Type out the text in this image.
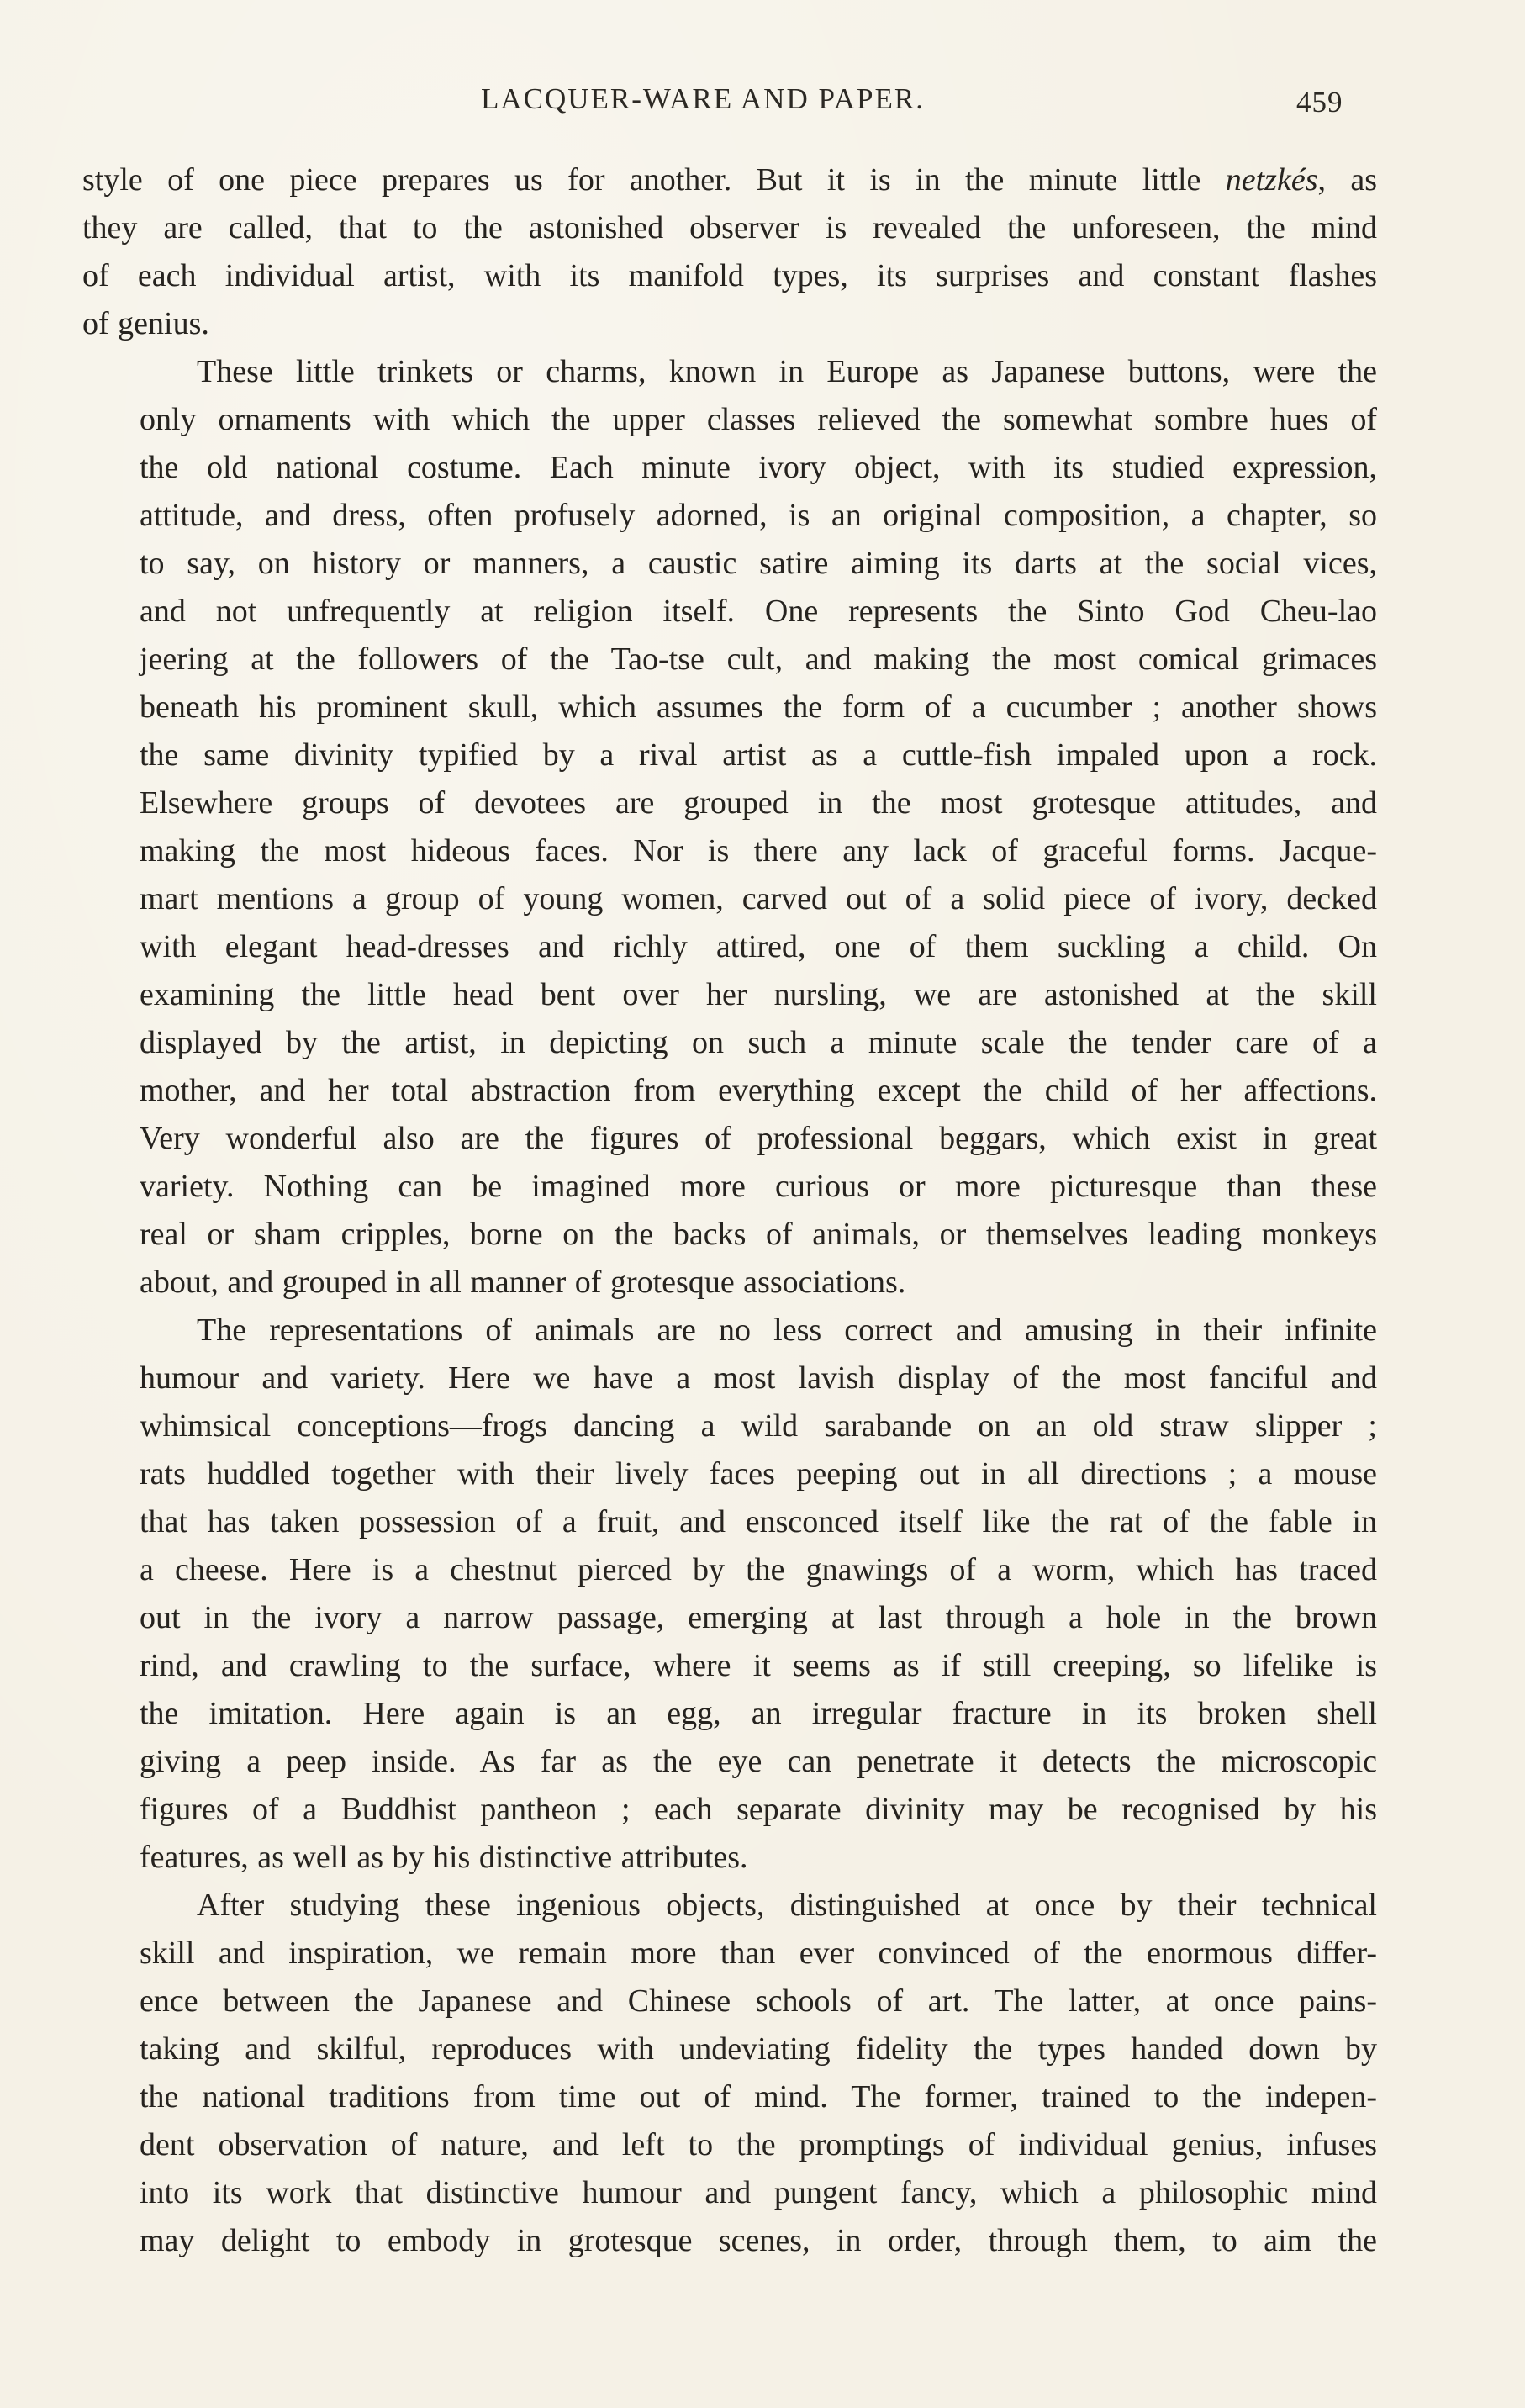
LACQUER-WARE AND PAPER.	459
style of one piece prepares us for another. But it is in the minute little netzkés, as
they are called, that to the astonished observer is revealed the unforeseen, the mind
of each individual artist, with its manifold types, its surprises and constant flashes
of genius.
These little trinkets or charms, known in Europe as Japanese buttons, were the
only ornaments with which the upper classes relieved the somewhat sombre hues of
the old national costume. Each minute ivory object, with its studied expression,
attitude, and dress, often profusely adorned, is an original composition, a chapter, so
to say, on history or manners, a caustic satire aiming its darts at the social vices,
and not unfrequently at religion itself. One represents the Sinto God Cheu-lao
jeering at the followers of the Tao-tse cult, and making the most comical grimaces
beneath his prominent skull, which assumes the form of a cucumber ; another shows
the same divinity typified by a rival artist as a cuttle-fish impaled upon a rock.
Elsewhere groups of devotees are grouped in the most grotesque attitudes, and
making the most hideous faces. Nor is there any lack of graceful forms. Jacque-
mart mentions a group of young women, carved out of a solid piece of ivory, decked
with elegant head-dresses and richly attired, one of them suckling a child. On
examining the little head bent over her nursling, we are astonished at the skill
displayed by the artist, in depicting on such a minute scale the tender care of a
mother, and her total abstraction from everything except the child of her affections.
Very wonderful also are the figures of professional beggars, which exist in great
variety. Nothing can be imagined more curious or more picturesque than these
real or sham cripples, borne on the backs of animals, or themselves leading monkeys
about, and grouped in all manner of grotesque associations.
The representations of animals are no less correct and amusing in their infinite
humour and variety. Here we have a most lavish display of the most fanciful and
whimsical conceptions—frogs dancing a wild sarabande on an old straw slipper ;
rats huddled together with their lively faces peeping out in all directions ; a mouse
that has taken possession of a fruit, and ensconced itself like the rat of the fable in
a cheese. Here is a chestnut pierced by the gnawings of a worm, which has traced
out in the ivory a narrow passage, emerging at last through a hole in the brown
rind, and crawling to the surface, where it seems as if still creeping, so lifelike is
the imitation. Here again is an egg, an irregular fracture in its broken shell
giving a peep inside. As far as the eye can penetrate it detects the microscopic
figures of a Buddhist pantheon ; each separate divinity may be recognised by his
features, as well as by his distinctive attributes.
After studying these ingenious objects, distinguished at once by their technical
skill and inspiration, we remain more than ever convinced of the enormous differ-
ence between the Japanese and Chinese schools of art. The latter, at once pains-
taking and skilful, reproduces with undeviating fidelity the types handed down by
the national traditions from time out of mind. The former, trained to the indepen-
dent observation of nature, and left to the promptings of individual genius, infuses
into its work that distinctive humour and pungent fancy, which a philosophic mind
may delight to embody in grotesque scenes, in order, through them, to aim the
